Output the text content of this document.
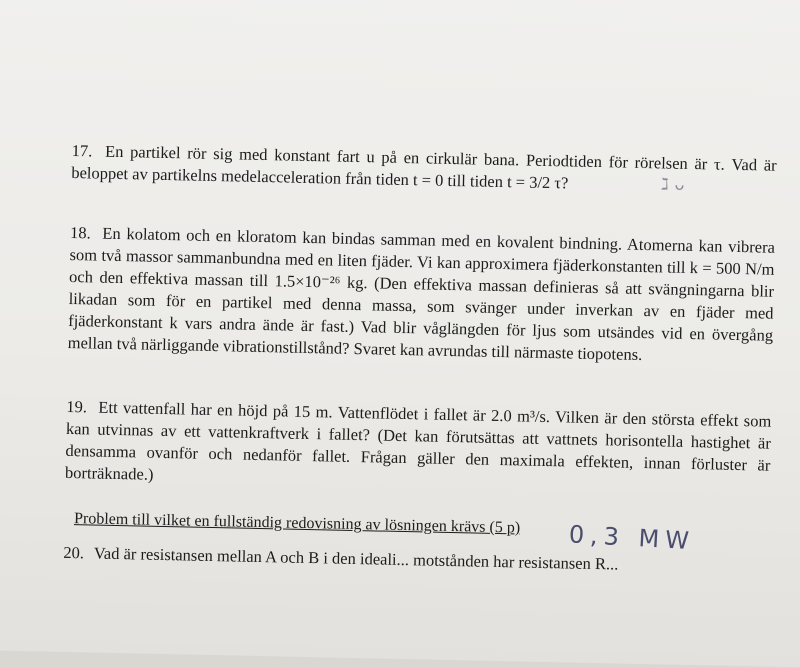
17. En partikel rör sig med konstant fart u på en cirkulär bana. Periodtiden för rörelsen är τ. Vad är beloppet av partikelns medelacceleration från tiden t = 0 till tiden t = 3/2 τ?

18. En kolatom och en kloratom kan bindas samman med en kovalent bindning. Atomerna kan vibrera som två massor sammanbundna med en liten fjäder. Vi kan approximera fjäderkonstanten till k = 500 N/m och den effektiva massan till 1.5×10⁻²⁶ kg. (Den effektiva massan definieras så att svängningarna blir likadan som för en partikel med denna massa, som svänger under inverkan av en fjäder med fjäderkonstant k vars andra ände är fast.) Vad blir våglängden för ljus som utsändes vid en övergång mellan två närliggande vibrationstillstånd? Svaret kan avrundas till närmaste tiopotens.

19. Ett vattenfall har en höjd på 15 m. Vattenflödet i fallet är 2.0 m³/s. Vilken är den största effekt som kan utvinnas av ett vattenkraftverk i fallet? (Det kan förutsättas att vattnets horisontella hastighet är densamma ovanför och nedanför fallet. Frågan gäller den maximala effekten, innan förluster är borträknade.)

Problem till vilket en fullständig redovisning av lösningen krävs (5 p)
20. Vad är resistansen mellan A och B i den ideali... motstånden har resistansen R...
0,3 MW
ℷᴗ
